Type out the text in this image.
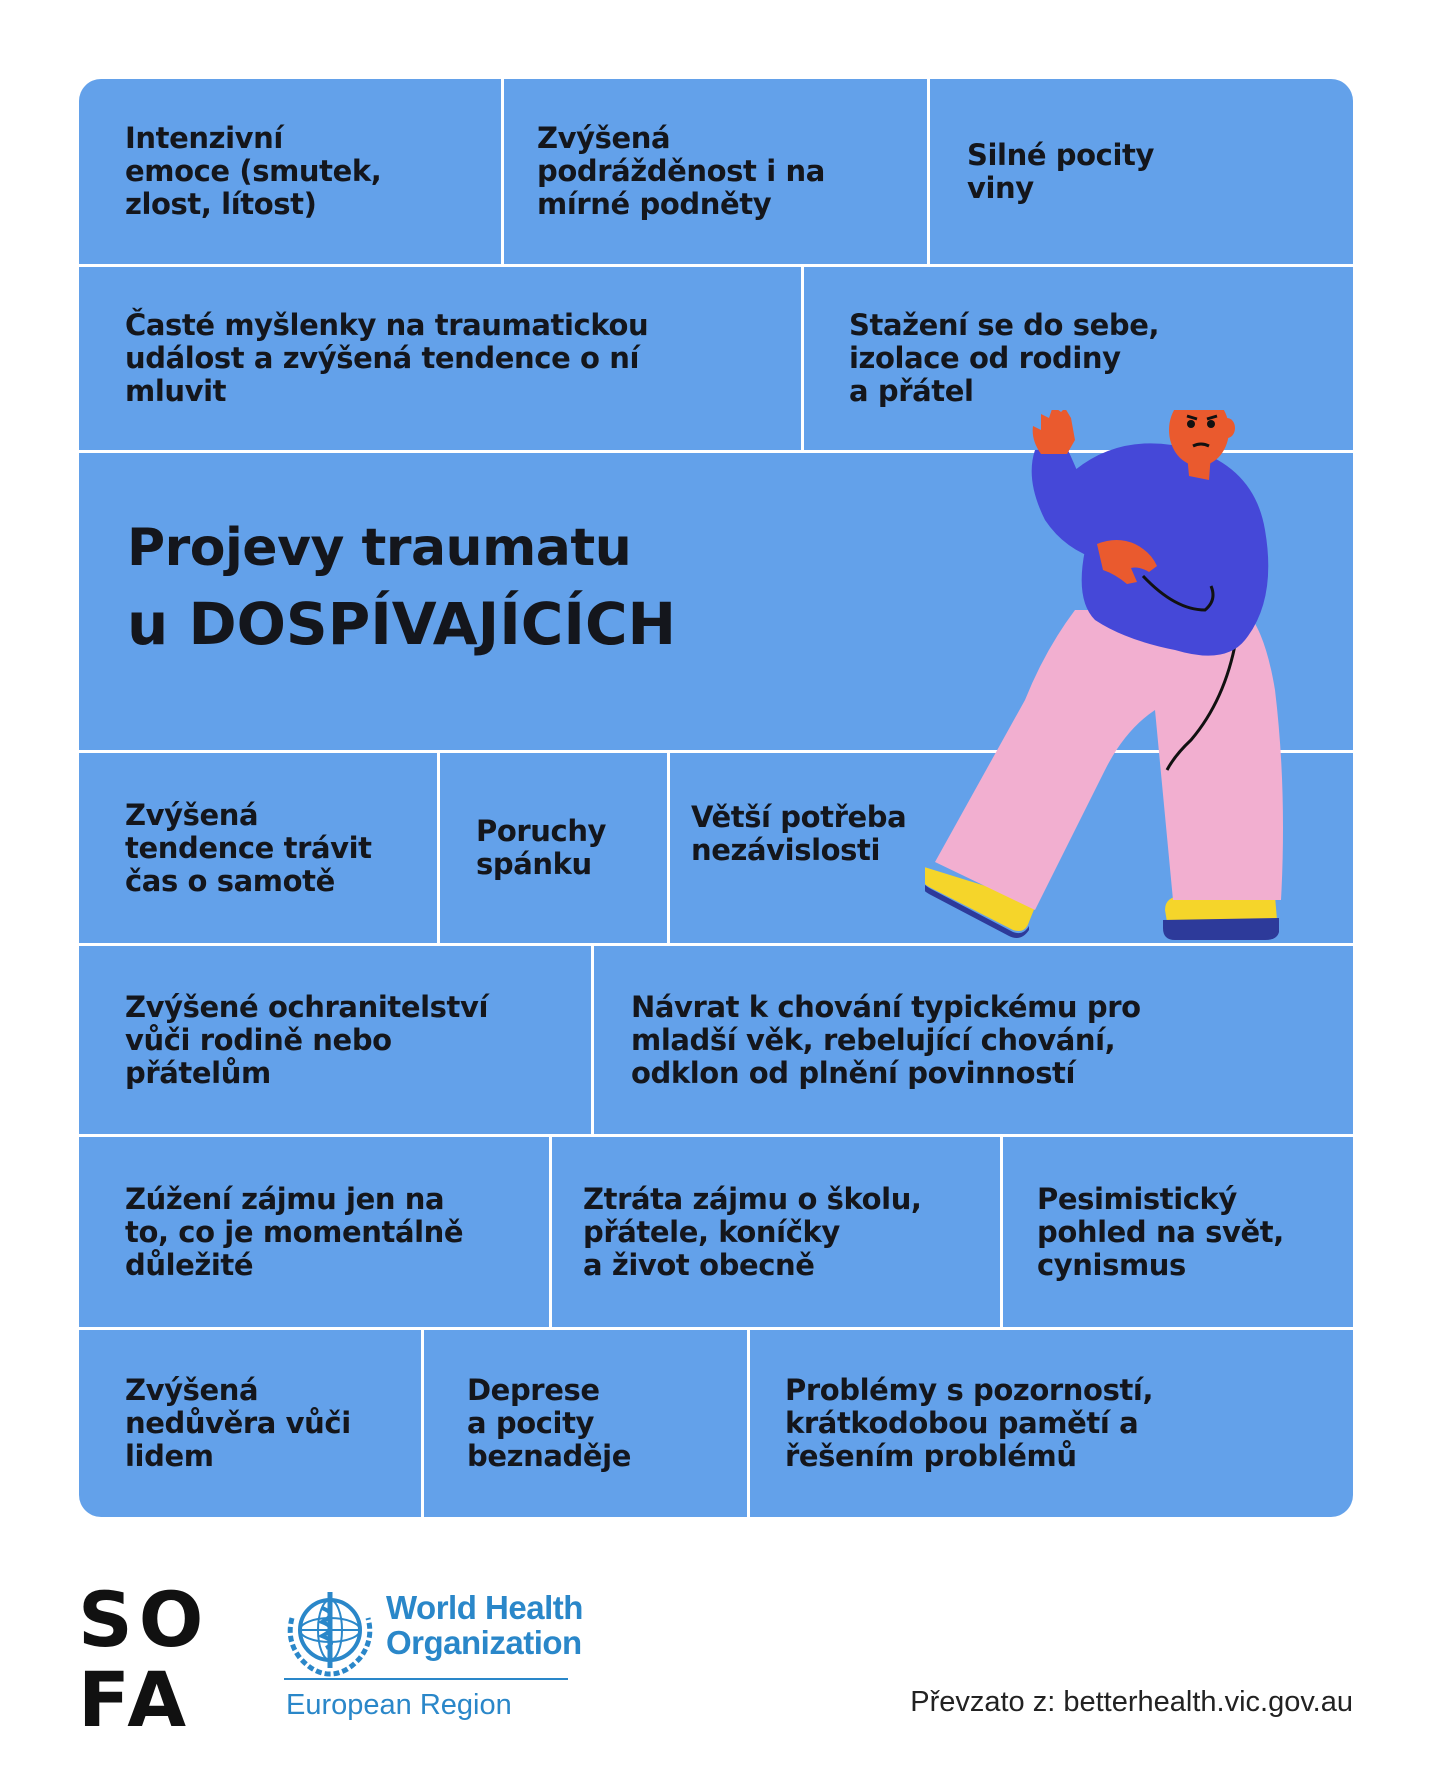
Intenzivní
emoce (smutek,
zlost, lítost)
Zvýšená
podrážděnost i na
mírné podněty
Silné pocity
viny
Časté myšlenky na traumatickou
událost a zvýšená tendence o ní
mluvit
Stažení se do sebe,
izolace od rodiny
a přátel
Projevy traumatu
u DOSPÍVAJÍCÍCH
Zvýšená
tendence trávit
čas o samotě
Poruchy
spánku
Větší potřeba
nezávislosti
Zvýšené ochranitelství
vůči rodině nebo
přátelům
Návrat k chování typickému pro
mladší věk, rebelující chování,
odklon od plnění povinností
Zúžení zájmu jen na
to, co je momentálně
důležité
Ztráta zájmu o školu,
přátele, koníčky
a život obecně
Pesimistický
pohled na svět,
cynismus
Zvýšená
nedůvěra vůči
lidem
Deprese
a pocity
beznaděje
Problémy s pozorností,
krátkodobou pamětí a
řešením problémů
SO
FA
World Health
Organization
European Region	Převzato z: betterhealth.vic.gov.au
